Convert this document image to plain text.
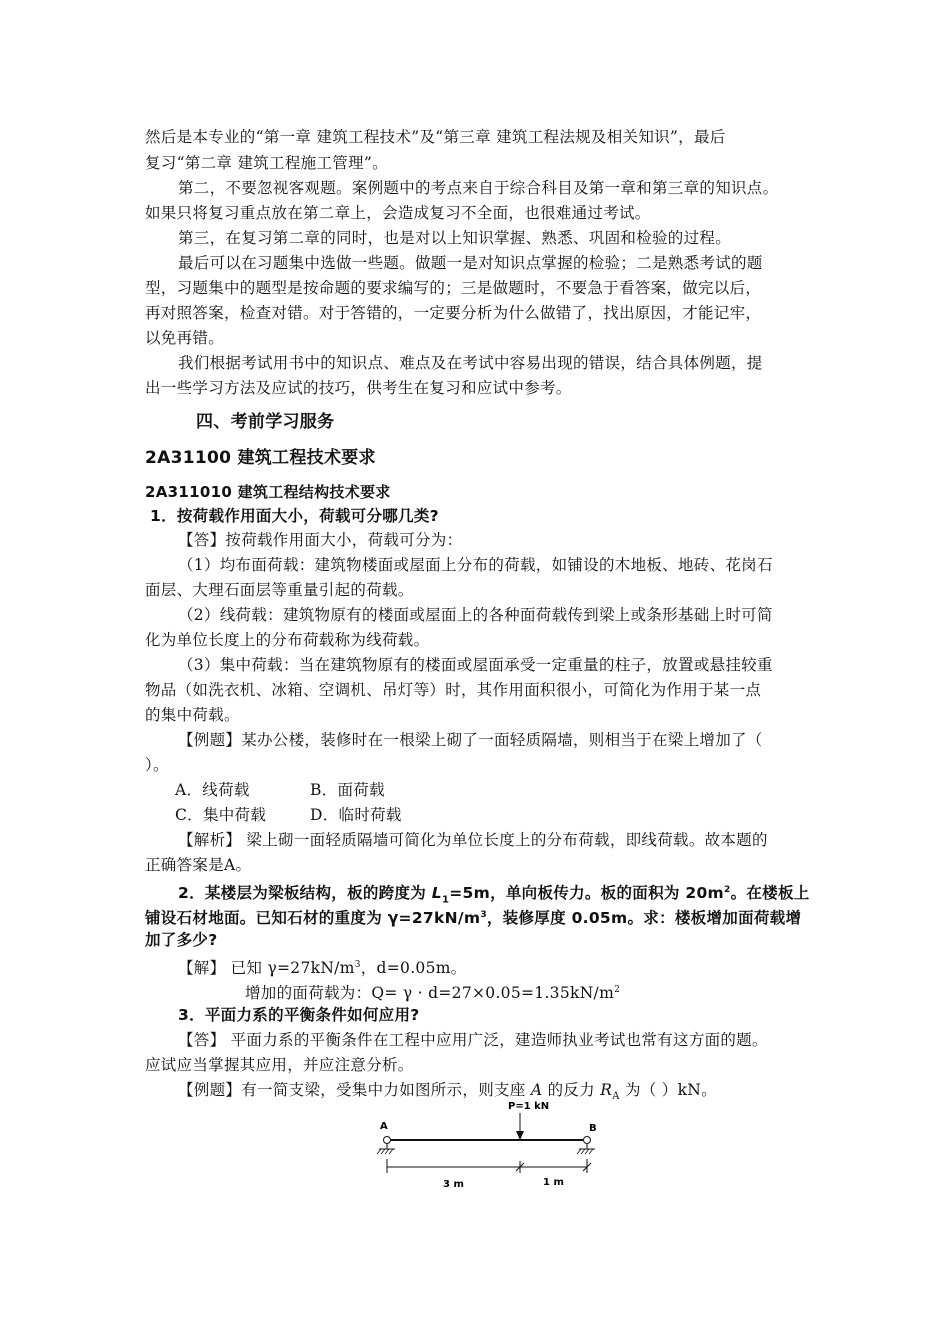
然后是本专业的“第一章 建筑工程技术”及“第三章 建筑工程法规及相关知识”，最后
复习“第二章 建筑工程施工管理”。
第二，不要忽视客观题。案例题中的考点来自于综合科目及第一章和第三章的知识点。
如果只将复习重点放在第二章上，会造成复习不全面，也很难通过考试。
第三，在复习第二章的同时，也是对以上知识掌握、熟悉、巩固和检验的过程。
最后可以在习题集中选做一些题。做题一是对知识点掌握的检验；二是熟悉考试的题
型，习题集中的题型是按命题的要求编写的；三是做题时，不要急于看答案，做完以后，
再对照答案，检查对错。对于答错的，一定要分析为什么做错了，找出原因，才能记牢，
以免再错。
我们根据考试用书中的知识点、难点及在考试中容易出现的错误，结合具体例题，提
出一些学习方法及应试的技巧，供考生在复习和应试中参考。
四、考前学习服务
2A31100 建筑工程技术要求
2A311010 建筑工程结构技术要求
1．按荷载作用面大小，荷载可分哪几类?
【答】按荷载作用面大小，荷载可分为：
（1）均布面荷载：建筑物楼面或屋面上分布的荷载，如铺设的木地板、地砖、花岗石
面层、大理石面层等重量引起的荷载。
（2）线荷载：建筑物原有的楼面或屋面上的各种面荷载传到梁上或条形基础上时可简
化为单位长度上的分布荷载称为线荷载。
（3）集中荷载：当在建筑物原有的楼面或屋面承受一定重量的柱子，放置或悬挂较重
物品（如洗衣机、冰箱、空调机、吊灯等）时，其作用面积很小，可简化为作用于某一点
的集中荷载。
【例题】某办公楼，装修时在一根梁上砌了一面轻质隔墙，则相当于在梁上增加了（
）。
A．线荷载	B．面荷载
C．集中荷载	D．临时荷载
【解析】 梁上砌一面轻质隔墙可简化为单位长度上的分布荷载，即线荷载。故本题的
正确答案是A。
2．某楼层为梁板结构，板的跨度为 $L_1=5m$，单向板传力。板的面积为 $20m^2$。在楼板上
铺设石材地面。已知石材的重度为 $\gamma=27kN/m^3$，装修厚度 0.05m。求：楼板增加面荷载增
加了多少?
【解】 已知 $\gamma=27kN/m^3$，d=0.05m。
增加的面荷载为：$Q= \gamma \cdot d=27\times 0.05=1.35kN/m^2$
3．平面力系的平衡条件如何应用?
【答】 平面力系的平衡条件在工程中应用广泛，建造师执业考试也常有这方面的题。
应试应当掌握其应用，并应注意分析。
【例题】有一简支梁，受集中力如图所示，则支座 A 的反力 $R_A$ 为（ ）kN。
P=1 kN
A	B
3 m	1 m
